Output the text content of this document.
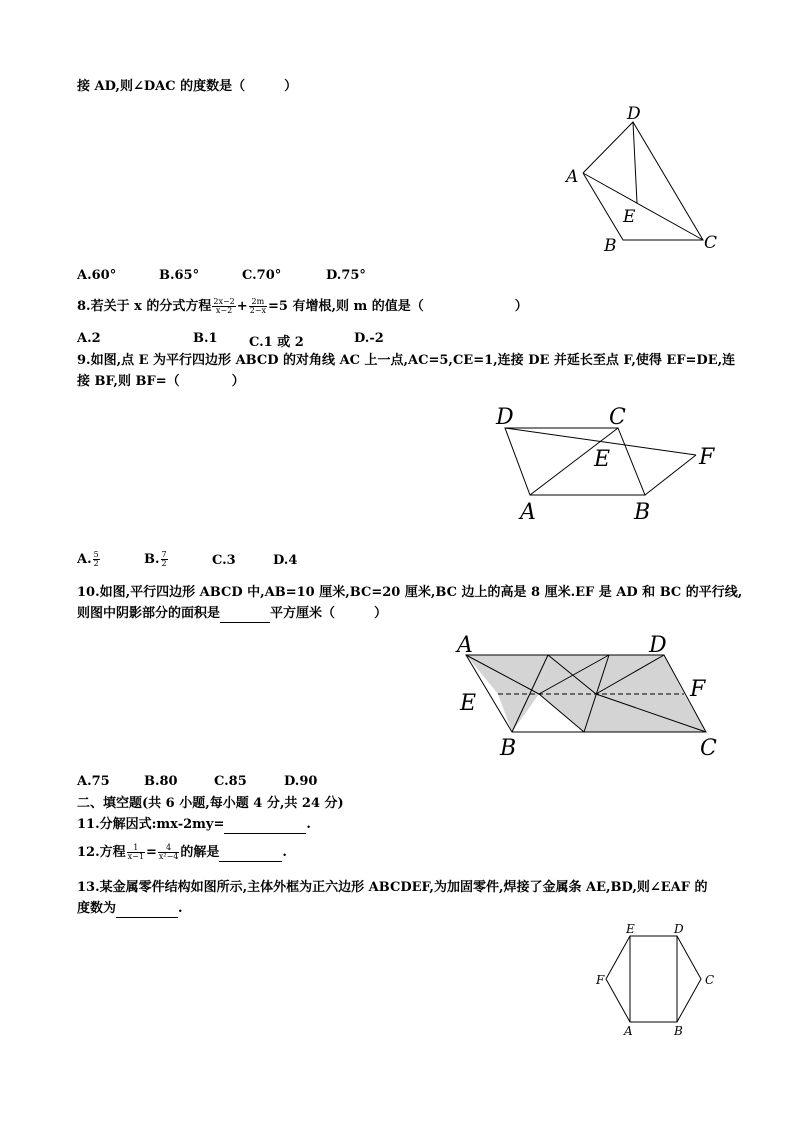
接 AD,则∠DAC 的度数是（　　　）
D
A
E
B	C
A.60°	B.65°	C.70°	D.75°
8.若关于 x 的分式方程 $\frac{2x-2}{x-2} + \frac{2m}{2-x} =5$ 有增根,则 m 的值是（　　　　　　　）
A.2	B.1 C.1 或 2	D.-2
9.如图,点 E 为平行四边形 ABCD 的对角线 AC 上一点,AC=5,CE=1,连接 DE 并延长至点 F,使得 EF=DE,连
接 BF,则 BF=（　　　　）
D	C
E	F
A	B
A. $\frac{5}{2}$	B. $\frac{7}{2}$	C.3	D.4
10.如图,平行四边形 ABCD 中,AB=10 厘米,BC=20 厘米,BC 边上的高是 8 厘米.EF 是 AD 和 BC 的平行线,
则图中阴影部分的面积是	平方厘米（　　　）
A	D
E
F
B	C
A.75	B.80	C.85	D.90
二、填空题(共 6 小题,每小题 4 分,共 24 分)
11.分解因式:mx-2my=	.
12.方程 $\frac{1}{x-1} = \frac{4}{\text{x²−4}}$ 的解是	.
13.某金属零件结构如图所示,主体外框为正六边形 ABCDEF,为加固零件,焊接了金属条 AE,BD,则∠EAF 的
度数为	.
E	D
F	C
A	B
